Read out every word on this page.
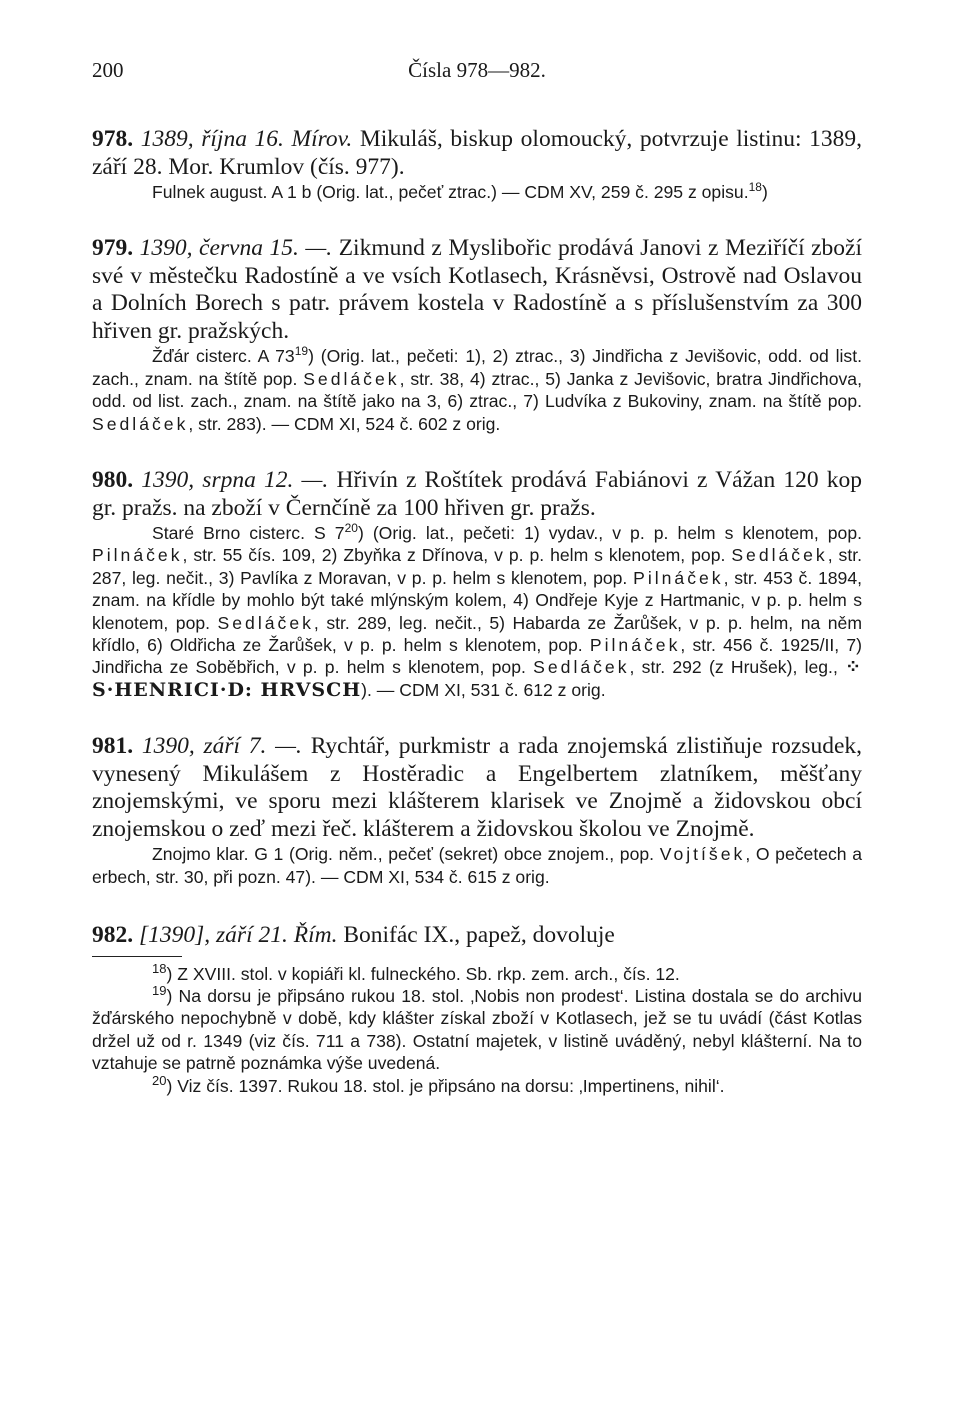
200	Čísla 978—982.

978. 1389, října 16. Mírov. Mikuláš, biskup olomoucký, potvrzuje listinu: 1389, září 28. Mor. Krumlov (čís. 977).

Fulnek august. A 1 b (Orig. lat., pečeť ztrac.) — CDM XV, 259 č. 295 z opisu.$^{18}$)

979. 1390, června 15. —. Zikmund z Myslibořic prodává Janovi z Meziříčí zboží své v městečku Radostíně a ve vsích Kotlasech, Krásněvsi, Ostrově nad Oslavou a Dolních Borech s patr. právem kostela v Radostíně a s příslušenstvím za 300 hřiven gr. pražských.

Žďár cisterc. A $73^{19}$) (Orig. lat., pečeti: 1), 2) ztrac., 3) Jindřicha z Jevišovic, odd. od list. zach., znam. na štítě pop. Sedláček, str. 38, 4) ztrac., 5) Janka z Jevišovic, bratra Jindřichova, odd. od list. zach., znam. na štítě jako na 3, 6) ztrac., 7) Ludvíka z Bukoviny, znam. na štítě pop. Sedláček, str. 283). — CDM XI, 524 č. 602 z orig.

980. 1390, srpna 12. —. Hřivín z Roštítek prodává Fabiánovi z Vážan 120 kop gr. pražs. na zboží v Černčíně za 100 hřiven gr. pražs.

Staré Brno cisterc. S $7^{20}$) (Orig. lat., pečeti: 1) vydav., v p. p. helm s klenotem, pop. Pilnáček, str. 55 čís. 109, 2) Zbyňka z Dřínova, v p. p. helm s klenotem, pop. Sedláček, str. 287, leg. nečit., 3) Pavlíka z Moravan, v p. p. helm s klenotem, pop. Pilnáček, str. 453 č. 1894, znam. na křídle by mohlo být také mlýnským kolem, 4) Ondřeje Kyje z Hartmanic, v p. p. helm s klenotem, pop. Sedláček, str. 289, leg. nečit., 5) Habarda ze Žarůšek, v p. p. helm, na něm křídlo, 6) Oldřicha ze Žarůšek, v p. p. helm s klenotem, pop. Pilnáček, str. 456 č. 1925/II, 7) Jindřicha ze Soběbřich, v p. p. helm s klenotem, pop. Sedláček, str. 292 (z Hrušek), leg., ⁘ S·HENRICI·D: HRVSCH). — CDM XI, 531 č. 612 z orig.

981. 1390, září 7. —. Rychtář, purkmistr a rada znojemská zlistiňuje rozsudek, vynesený Mikulášem z Hostěradic a Engelbertem zlatníkem, měšťany znojemskými, ve sporu mezi klášterem klarisek ve Znojmě a židovskou obcí znojemskou o zeď mezi řeč. klášterem a židovskou školou ve Znojmě.

Znojmo klar. G 1 (Orig. něm., pečeť (sekret) obce znojem., pop. Vojtíšek, O pečetech a erbech, str. 30, při pozn. 47). — CDM XI, 534 č. 615 z orig.

982. [1390], září 21. Řím. Bonifác IX., papež, dovoluje

$^{18}$) Z XVIII. stol. v kopiáři kl. fulneckého. Sb. rkp. zem. arch., čís. 12.

$^{19}$) Na dorsu je připsáno rukou 18. stol. ‚Nobis non prodest‘. Listina dostala se do archivu žďárského nepochybně v době, kdy klášter získal zboží v Kotlasech, jež se tu uvádí (část Kotlas držel už od r. 1349 (viz čís. 711 a 738). Ostatní majetek, v listině uváděný, nebyl klášterní. Na to vztahuje se patrně poznámka výše uvedená.

$^{20}$) Viz čís. 1397. Rukou 18. stol. je připsáno na dorsu: ‚Impertinens, nihil‘.
